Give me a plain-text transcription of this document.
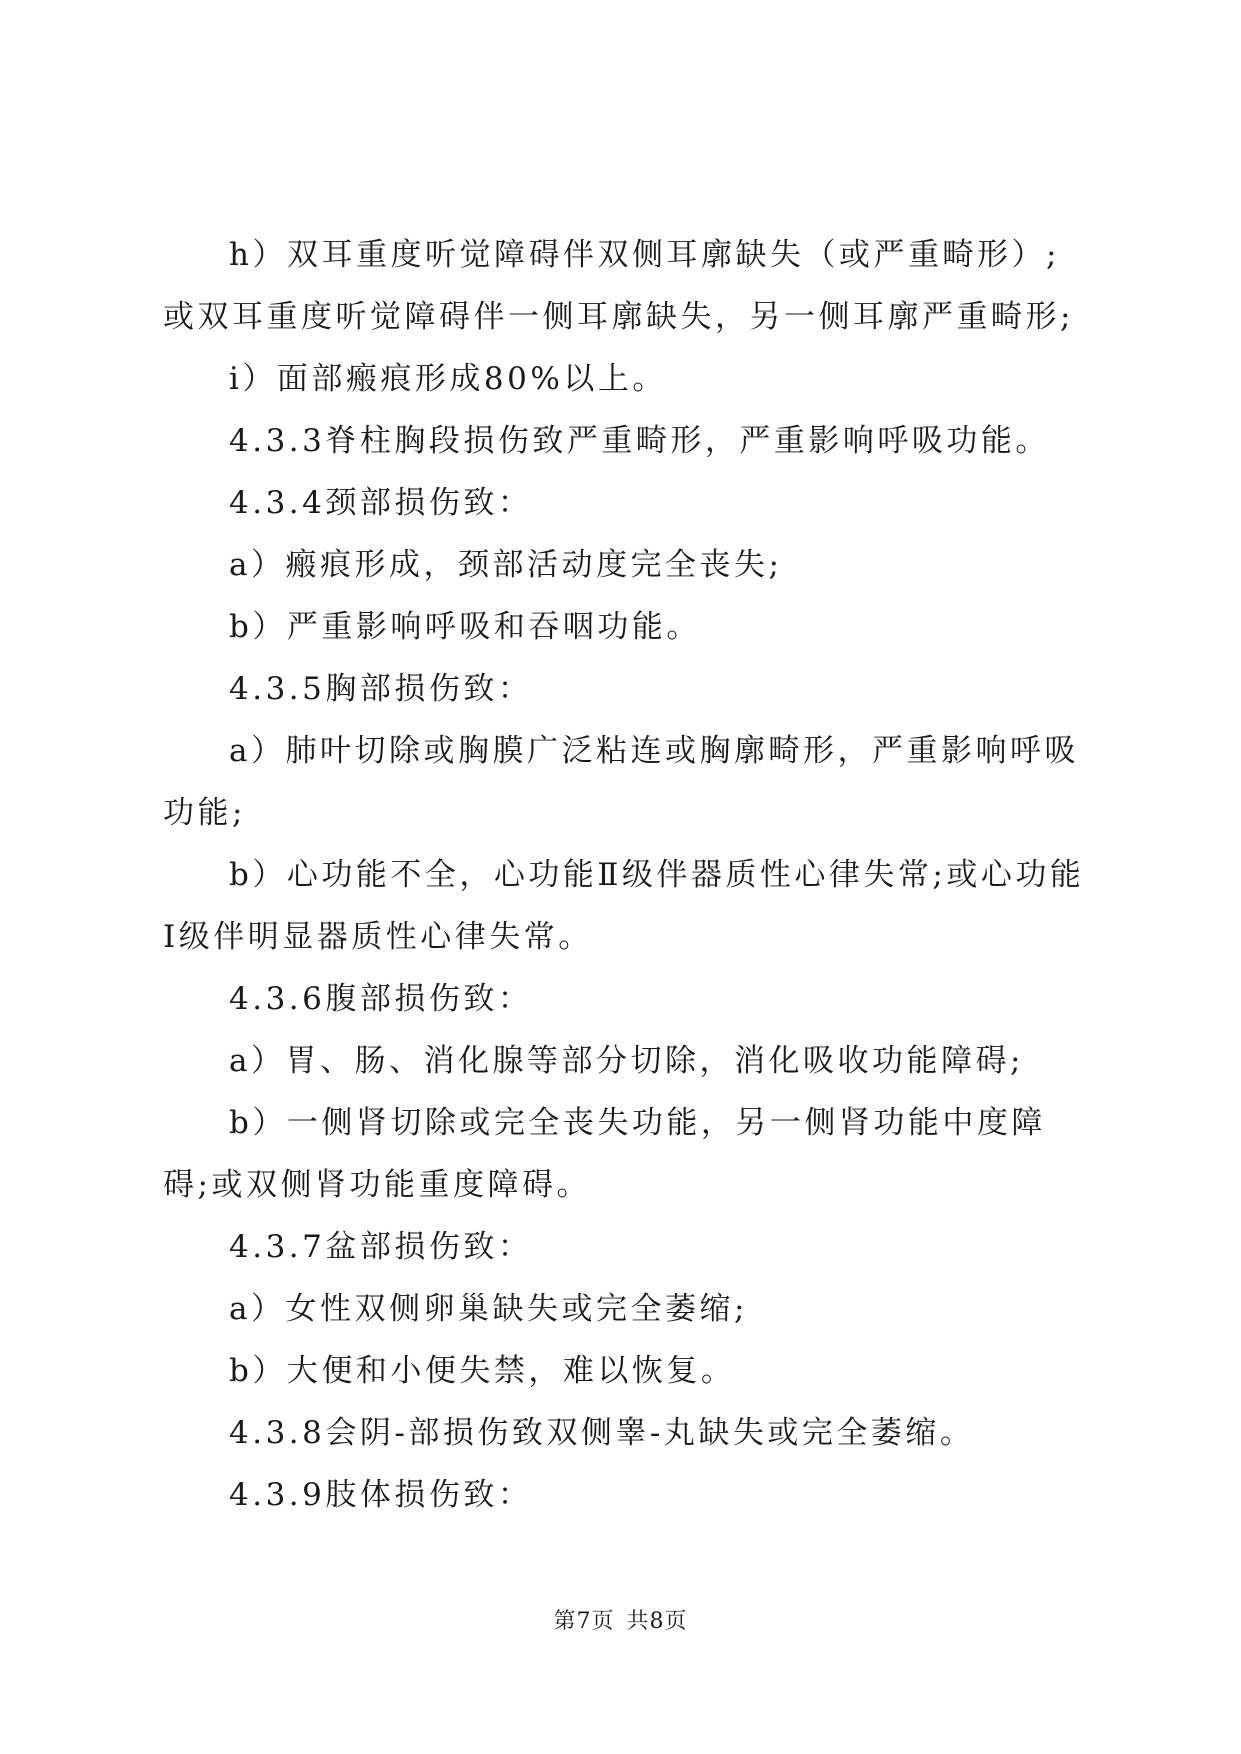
h）双耳重度听觉障碍伴双侧耳廓缺失（或严重畸形）;或双耳重度听觉障碍伴一侧耳廓缺失，另一侧耳廓严重畸形;

i）面部瘢痕形成80%以上。

4.3.3脊柱胸段损伤致严重畸形，严重影响呼吸功能。

4.3.4颈部损伤致：

a）瘢痕形成，颈部活动度完全丧失;

b）严重影响呼吸和吞咽功能。

4.3.5胸部损伤致：

a）肺叶切除或胸膜广泛粘连或胸廓畸形，严重影响呼吸功能;

b）心功能不全，心功能Ⅱ级伴器质性心律失常;或心功能Ⅰ级伴明显器质性心律失常。

4.3.6腹部损伤致：

a）胃、肠、消化腺等部分切除，消化吸收功能障碍;

b）一侧肾切除或完全丧失功能，另一侧肾功能中度障碍;或双侧肾功能重度障碍。

4.3.7盆部损伤致：

a）女性双侧卵巢缺失或完全萎缩;

b）大便和小便失禁，难以恢复。

4.3.8会阴-部损伤致双侧睾-丸缺失或完全萎缩。

4.3.9肢体损伤致：

第7页 共8页
